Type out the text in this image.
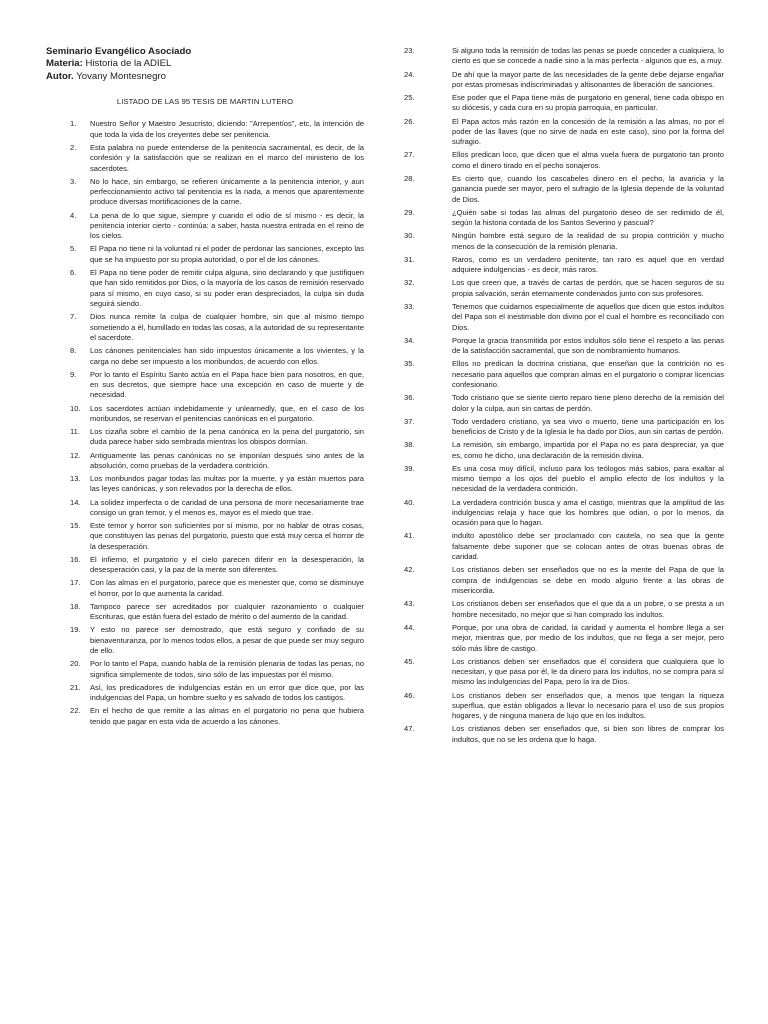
Seminario Evangélico Asociado
Materia: Historia de la ADIEL
Autor. Yovany Montesnegro
LISTADO DE LAS 95 TESIS DE MARTIN LUTERO
1.	Nuestro Señor y Maestro Jesucristo, diciendo: "Arrepentíos", etc, la intención de que toda la vida de los creyentes debe ser penitencia.
2.	Esta palabra no puede entenderse de la penitencia sacramental, es decir, de la confesión y la satisfacción que se realizan en el marco del ministerio de los sacerdotes.
3.	No lo hace, sin embargo, se refieren únicamente a la penitencia interior, y aun perfeccionamiento activo tal penitencia es la nada, a menos que aparentemente produce diversas mortificaciones de la carne.
4.	La pena de lo que sigue, siempre y cuando el odio de sí mismo - es decir, la penitencia interior cierto - continúa: a saber, hasta nuestra entrada en el reino de los cielos.
5.	El Papa no tiene ni la voluntad ni el poder de perdonar las sanciones, excepto las que se ha impuesto por su propia autoridad, o por el de los cánones.
6.	El Papa no tiene poder de remitir culpa alguna, sino declarando y que justifiquen que han sido remitidos por Dios, o la mayoría de los casos de remisión reservado para sí mismo, en cuyo caso, si su poder eran despreciados, la culpa sin duda seguirá siendo.
7.	Dios nunca remite la culpa de cualquier hombre, sin que al mismo tiempo sometiendo a él, humillado en todas las cosas, a la autoridad de su representante el sacerdote.
8.	Los cánones penitenciales han sido impuestos únicamente a los vivientes, y la carga no debe ser impuesto a los moribundos, de acuerdo con ellos.
9.	Por lo tanto el Espíritu Santo actúa en el Papa hace bien para nosotros, en que, en sus decretos, que siempre hace una excepción en caso de muerte y de necesidad.
10.	Los sacerdotes actúan indebidamente y unlearnedly, que, en el caso de los moribundos, se reservan el penitencias canónicas en el purgatorio.
11.	Los cizaña sobre el cambio de la pena canónica en la pena del purgatorio, sin duda parece haber sido sembrada mientras los obispos dormían.
12.	Antiguamente las penas canónicas no se imponían después sino antes de la absolución, como pruebas de la verdadera contrición.
13.	Los moribundos pagar todas las multas por la muerte, y ya están muertos para las leyes canónicas, y son relevados por la derecha de ellos.
14.	La solidez imperfecta o de caridad de una persona de morir necesariamente trae consigo un gran temor, y el menos es, mayor es el miedo que trae.
15.	Este temor y horror son suficientes por sí mismo, por no hablar de otras cosas, que constituyen las penas del purgatorio, puesto que está muy cerca el horror de la desesperación.
16.	El infierno, el purgatorio y el cielo parecen diferir en la desesperación, la desesperación casi, y la paz de la mente son diferentes.
17.	Con las almas en el purgatorio, parece que es menester que, como se disminuye el horror, por lo que aumenta la caridad.
18.	Tampoco parece ser acreditados por cualquier razonamiento o cualquier Escrituras, que están fuera del estado de mérito o del aumento de la caridad.
19.	Y esto no parece ser demostrado, que está seguro y confiado de su bienaventuranza, por lo menos todos ellos, a pesar de que puede ser muy seguro de ello.
20.	Por lo tanto el Papa, cuando habla de la remisión plenaria de todas las penas, no significa simplemente de todos, sino sólo de las impuestas por él mismo.
21.	Así, los predicadores de indulgencias están en un error que dice que, por las indulgencias del Papa, un hombre suelto y es salvado de todos los castigos.
22.	En el hecho de que remite a las almas en el purgatorio no pena que hubiera tenido que pagar en esta vida de acuerdo a los cánones.
23.	Si alguno toda la remisión de todas las penas se puede conceder a cualquiera, lo cierto es que se concede a nadie sino a la más perfecta - algunos que es, a muy.
24.	De ahí que la mayor parte de las necesidades de la gente debe dejarse engañar por estas promesas indiscriminadas y altisonantes de liberación de sanciones.
25.	Ese poder que el Papa tiene más de purgatorio en general, tiene cada obispo en su diócesis, y cada cura en su propia parroquia, en particular.
26.	El Papa actos más razón en la concesión de la remisión a las almas, no por el poder de las llaves (que no sirve de nada en este caso), sino por la forma del sufragio.
27.	Ellos predican loco, que dicen que el alma vuela fuera de purgatorio tan pronto como el dinero tirado en el pecho sonajeros.
28.	Es cierto que, cuando los cascabeles dinero en el pecho, la avaricia y la ganancia puede ser mayor, pero el sufragio de la Iglesia depende de la voluntad de Dios.
29.	¿Quién sabe si todas las almas del purgatorio deseo de ser redimido de él, según la historia contada de los Santos Severino y pascual?
30.	Ningún hombre está seguro de la realidad de su propia contrición y mucho menos de la consecución de la remisión plenaria.
31.	Raros, como es un verdadero penitente, tan raro es aquel que en verdad adquiere indulgencias - es decir, más raros.
32.	Los que creen que, a través de cartas de perdón, que se hacen seguros de su propia salvación, serán eternamente condenados junto con sus profesores.
33.	Tenemos que cuidarnos especialmente de aquellos que dicen que estos indultos del Papa son el inestimable don divino por el cual el hombre es reconciliado con Dios.
34.	Porque la gracia transmitida por estos indultos sólo tiene el respeto a las penas de la satisfacción sacramental, que son de nombramiento humanos.
35.	Ellos no predican la doctrina cristiana, que enseñan que la contrición no es necesario para aquellos que compran almas en el purgatorio o comprar licencias confesionario.
36.	Todo cristiano que se siente cierto reparo tiene pleno derecho de la remisión del dolor y la culpa, aun sin cartas de perdón.
37.	Todo verdadero cristiano, ya sea vivo o muerto, tiene una participación en los beneficios de Cristo y de la Iglesia le ha dado por Dios, aun sin cartas de perdón.
38.	La remisión, sin embargo, impartida por el Papa no es para despreciar, ya que es, como he dicho, una declaración de la remisión divina.
39.	Es una cosa muy difícil, incluso para los teólogos más sabios, para exaltar al mismo tiempo a los ojos del pueblo el amplio efecto de los indultos y la necesidad de la verdadera contrición.
40.	La verdadera contrición busca y ama el castigo, mientras que la amplitud de las indulgencias relaja y hace que los hombres que odian, o por lo menos, da ocasión para que lo hagan.
41.	indulto apostólico debe ser proclamado con cautela, no sea que la gente falsamente debe suponer que se colocan antes de otras buenas obras de caridad.
42.	Los cristianos deben ser enseñados que no es la mente del Papa de que la compra de indulgencias se debe en modo alguno frente a las obras de misericordia.
43.	Los cristianos deben ser enseñados que el que da a un pobre, o se presta a un hombre necesitado, no mejor que si han comprado los indultos.
44.	Porque, por una obra de caridad, la caridad y aumenta el hombre llega a ser mejor, mientras que, por medio de los indultos, que no llega a ser mejor, pero sólo más libre de castigo.
45.	Los cristianos deben ser enseñados que él considera que cualquiera que lo necesitan, y que pasa por él, le da dinero para los indultos, no se compra para sí mismo las indulgencias del Papa, pero la ira de Dios.
46.	Los cristianos deben ser enseñados que, a menos que tengan la riqueza superflua, que están obligados a llevar lo necesario para el uso de sus propios hogares, y de ninguna manera de lujo que en los indultos.
47.	Los cristianos deben ser enseñados que, si bien son libres de comprar los indultos, que no se les ordena que lo haga.
